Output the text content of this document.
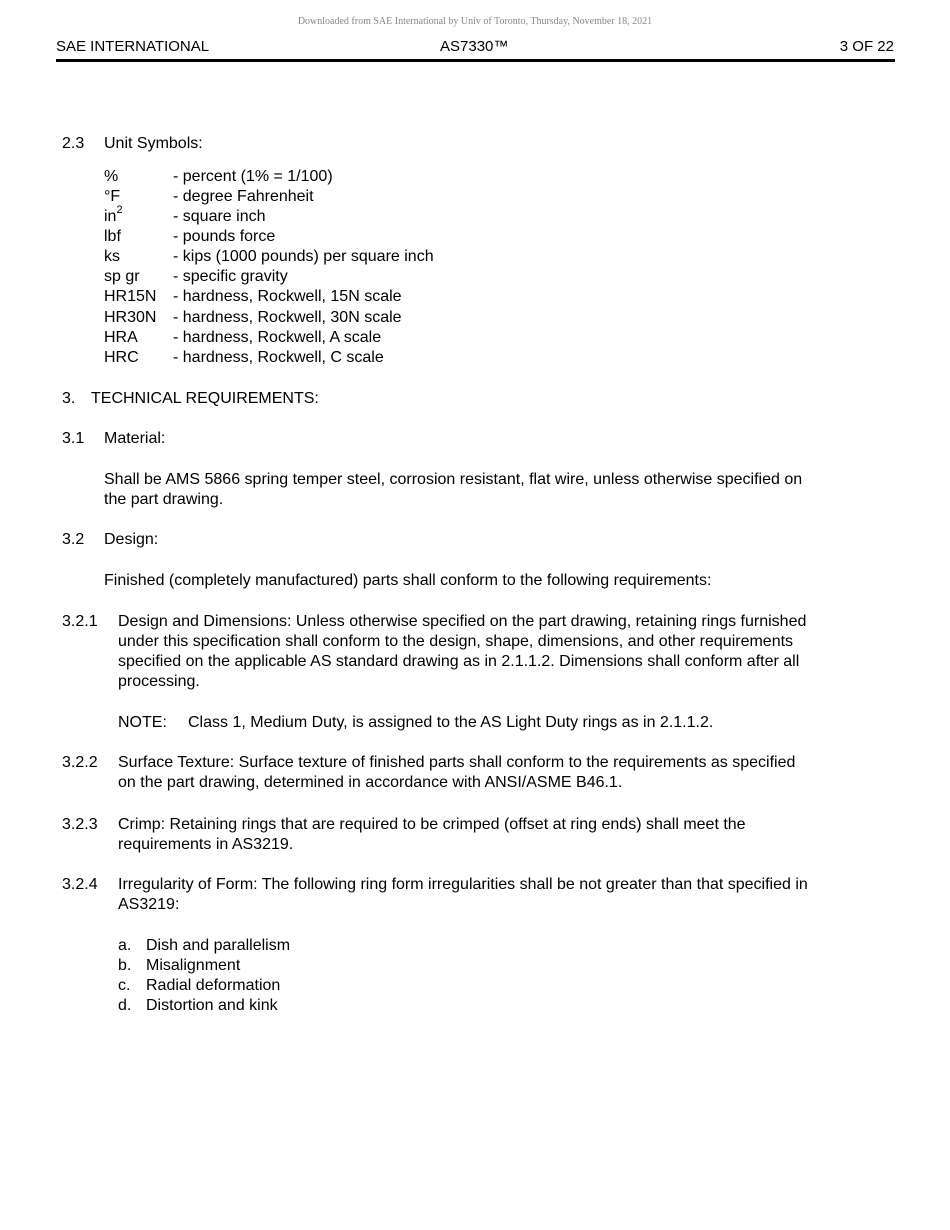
Downloaded from SAE International by Univ of Toronto, Thursday, November 18, 2021
SAE INTERNATIONAL	AS7330™	3 OF 22
2.3 Unit Symbols:
%	- percent (1% = 1/100)
°F	- degree Fahrenheit
$in^2$	- square inch
lbf	- pounds force
ks	- kips (1000 pounds) per square inch
sp gr - specific gravity
HR15N - hardness, Rockwell, 15N scale
HR30N - hardness, Rockwell, 30N scale
HRA - hardness, Rockwell, A scale
HRC - hardness, Rockwell, C scale
3. TECHNICAL REQUIREMENTS:
3.1 Material:
Shall be AMS 5866 spring temper steel, corrosion resistant, flat wire, unless otherwise specified on
the part drawing.
3.2 Design:
Finished (completely manufactured) parts shall conform to the following requirements:
3.2.1 Design and Dimensions: Unless otherwise specified on the part drawing, retaining rings furnished
under this specification shall conform to the design, shape, dimensions, and other requirements
specified on the applicable AS standard drawing as in 2.1.1.2. Dimensions shall conform after all
processing.
NOTE: Class 1, Medium Duty, is assigned to the AS Light Duty rings as in 2.1.1.2.
3.2.2 Surface Texture: Surface texture of finished parts shall conform to the requirements as specified
on the part drawing, determined in accordance with ANSI/ASME B46.1.
3.2.3 Crimp: Retaining rings that are required to be crimped (offset at ring ends) shall meet the
requirements in AS3219.
3.2.4 Irregularity of Form: The following ring form irregularities shall be not greater than that specified in
AS3219:
a. Dish and parallelism
b. Misalignment
c. Radial deformation
d. Distortion and kink
